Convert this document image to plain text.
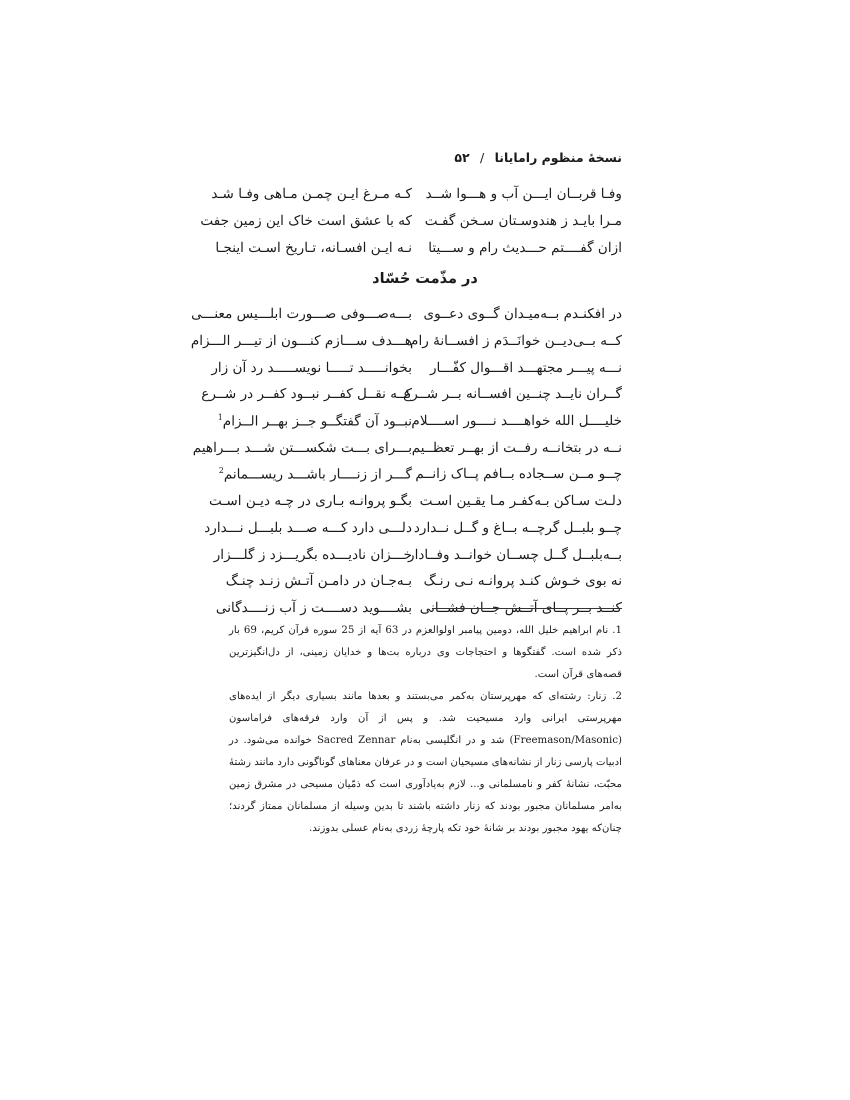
نسخهٔ منظوم رامایانا / ۵۲
وفـا قربــان ایـــن آب و هـــوا شــد
کـه مـرغ ایـن چمـن مـاهی وفـا شـد
مـرا بایـد ز هندوسـتان سـخن گفـت
که با عشق است خاک این زمین جفت
ازان گفــــتم حـــدیث رام و ســـیتا
نـه ایـن افسـانه، تـاریخ اسـت اینجـا
در مذّمت حُسّاد
در افکنـدم بــه‌میـدان گــوی دعــوی
بـــه‌صـــوفی صـــورت ابلـــیس معنـــی
کــه بــی‌دیــن خوانَــدَم ز افســانهٔ رام
هـــدف ســـازم کنـــون از تیـــر الـــزام
نـــه پیـــر مجتهـــد اقـــوال کفّـــار
بخوانـــــد تـــــا نویســـــد رد آن زار
گــران نایــد چنــین افســانه بــر شــرع
کــه نقــل کفــر نبــود کفــر در شــرع
خلیــــل الله خواهــــد نــــور اســــلام
نبــود آن گفتگــو جــز بهــر الــزام$^1$
نــه در بتخانــه رفــت از بهــر تعظــیم
بـــرای بـــت شکســـتن شـــد بـــراهیم
چــو مــن ســجاده بــافم پــاک زانــم
گـــر از زنــــار باشـــد ریســـمانم$^2$
دلـت سـاکن بـه‌کفـر مـا یقـین اسـت
بگـو پروانـه بـاری در چـه دیـن اسـت
چــو بلبــل گرچــه بــاغ و گــل نــدارد
دلـــی دارد کـــه صـــد بلبـــل نـــدارد
بــه‌بلبــل گــل چســان خوانــد وفــادار
خـــزان نادیـــده بگریـــزد ز گلـــزار
نه بوی خـوش کنـد پروانـه نـی رنـگ
بـه‌جـان در دامـن آتـش زنـد چنـگ
کنــد بــر پــای آتــش جــان فشــانی
بشــــوید دســــت ز آب زنــــدگانی

1. نام ابراهیم خلیل الله، دومین پیامبر اولوالعزم در 63 آیه از 25 سوره قرآن کریم، 69 بار ذکر شده است. گفتگوها و احتجاجات وی درباره بت‌ها و خدایان زمینی، از دل‌انگیزترین قصه‌های قرآن است.

2. زنار: رشته‌ای که مهرپرستان به‌کمر می‌بستند و بعدها مانند بسیاری دیگر از ایده‌های مهرپرستی ایرانی وارد مسیحیت شد. و پس از آن وارد فرقه‌های فراماسون (Freemason/Masonic) شد و در انگلیسی به‌نام Sacred Zennar خوانده می‌شود. در ادبیات پارسی زنار از نشانه‌های مسیحیان است و در عرفان معناهای گوناگونی دارد مانند رشتهٔ محبّت، نشانهٔ کفر و نامسلمانی و... لازم به‌یادآوری است که ذمّیان مسیحی در مشرق زمین به‌امر مسلمانان مجبور بودند که زنار داشته باشند تا بدین وسیله از مسلمانان ممتاز گردند؛ چنان‌که یهود مجبور بودند بر شانهٔ خود تکه پارچهٔ زردی به‌نام عسلی بدوزند.
